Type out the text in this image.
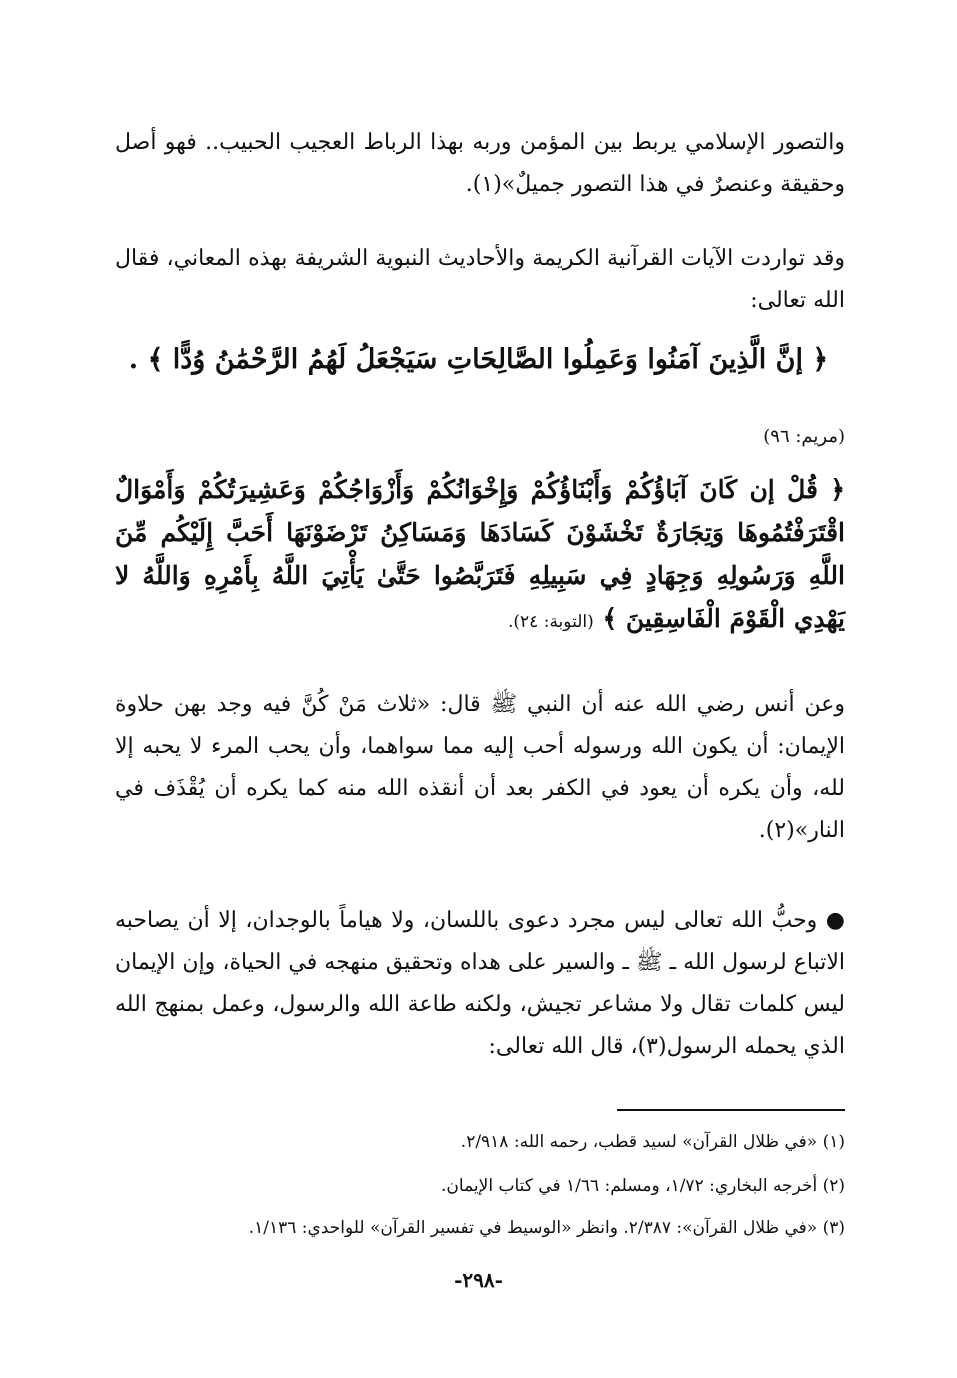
والتصور الإسلامي يربط بين المؤمن وربه بهذا الرباط العجيب الحبيب.. فهو أصل وحقيقة وعنصرٌ في هذا التصور جميلٌ»(١).
وقد تواردت الآيات القرآنية الكريمة والأحاديث النبوية الشريفة بهذه المعاني، فقال الله تعالى:
﴿ إنَّ الَّذِينَ آمَنُوا وَعَمِلُوا الصَّالِحَاتِ سَيَجْعَلُ لَهُمُ الرَّحْمَٰنُ وُدًّا ﴾ .
(مريم: ٩٦)
﴿ قُلْ إن كَانَ آبَاؤُكُمْ وَأَبْنَاؤُكُمْ وَإِخْوَانُكُمْ وَأَزْوَاجُكُمْ وَعَشِيرَتُكُمْ وَأَمْوَالٌ اقْتَرَفْتُمُوهَا وَتِجَارَةٌ تَخْشَوْنَ كَسَادَهَا وَمَسَاكِنُ تَرْضَوْنَهَا أَحَبَّ إِلَيْكُم مِّنَ اللَّهِ وَرَسُولِهِ وَجِهَادٍ فِي سَبِيلِهِ فَتَرَبَّصُوا حَتَّىٰ يَأْتِيَ اللَّهُ بِأَمْرِهِ وَاللَّهُ لا يَهْدِي الْقَوْمَ الْفَاسِقِينَ ﴾ (التوبة: ٢٤).
وعن أنس رضي الله عنه أن النبي ﷺ قال: «ثلاث مَنْ كُنَّ فيه وجد بهن حلاوة الإيمان: أن يكون الله ورسوله أحب إليه مما سواهما، وأن يحب المرء لا يحبه إلا لله، وأن يكره أن يعود في الكفر بعد أن أنقذه الله منه كما يكره أن يُقْذَف في النار»(٢).
● وحبُّ الله تعالى ليس مجرد دعوى باللسان، ولا هياماً بالوجدان، إلا أن يصاحبه الاتباع لرسول الله ـ ﷺ ـ والسير على هداه وتحقيق منهجه في الحياة، وإن الإيمان ليس كلمات تقال ولا مشاعر تجيش، ولكنه طاعة الله والرسول، وعمل بمنهج الله الذي يحمله الرسول(٣)، قال الله تعالى:
(١) «في ظلال القرآن» لسيد قطب، رحمه الله: ٢/٩١٨.
(٢) أخرجه البخاري: ١/٧٢، ومسلم: ١/٦٦ في كتاب الإيمان.
(٣) «في ظلال القرآن»: ٢/٣٨٧. وانظر «الوسيط في تفسير القرآن» للواحدي: ١/١٣٦.
-٢٩٨-
